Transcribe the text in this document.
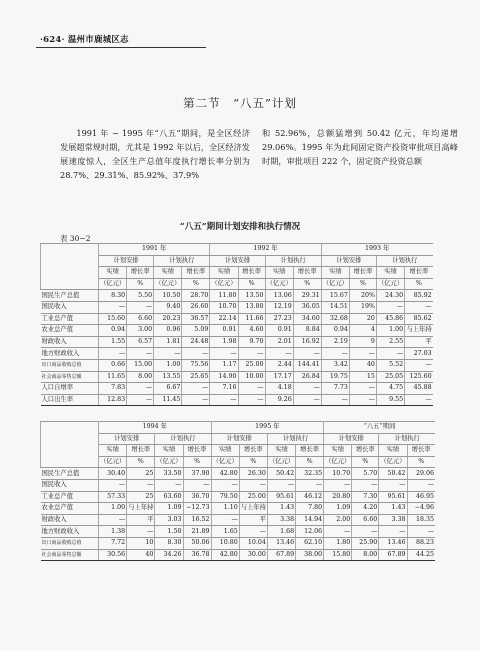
·624· 温州市鹿城区志
第二节　“八五”计划
1991 年 ~ 1995 年“八五”期间，是全区经济发展超常规时期，尤其是 1992 年以后，全区经济发展速度惊人，全区生产总值年度执行增长率分别为 28.7%、29.31%、85.92%、37.9%
和 52.96%，总额猛增到 50.42 亿元，年均递增 29.06%。1995 年为此间固定资产投资审批项目高峰时期，审批项目 222 个，固定资产投资总额
“八五”期间计划安排和执行情况
表 30−2
	1991 年				1992 年				1993 年			
	计划安排		计划执行		计划安排		计划执行		计划安排		计划执行	
	实绩	增长率	实绩	增长率	实绩	增长率	实绩	增长率	实绩	增长率	实绩	增长率
	（亿元）	%	（亿元）	%	（亿元）	%	（亿元）	%	（亿元）	%	（亿元）	%
国民生产总值	8.30	5.50	10.50	28.70	11.80	13.50	13.06	29.31	15.67	20%	24.30	85.92
国民收入	—	—	9.40	26.60	10.70	13.80	12.19	36.05	14.51	19%	—	—
工业总产值	15.60	6.60	20.23	36.57	22.14	11.66	27.23	34.60	32.68	20	45.86	85.62
农业总产值	0.94	3.00	0.96	5.09	0.91	4.60	0.91	8.84	0.94	4	1.00	与上年持
财政收入	1.55	6.57	1.81	24.48	1.98	9.70	2.01	16.92	2.19	9	2.55	平
地方财政收入	—	—	—	—	—	—	—	—	—	—	—	27.03
出口商品收购总值	0.66	15.00	1.00	75.56	1.17	25.00	2.44	144.41	3.42	40	5.52	—
社会商品零售总额	11.65	8.00	13.55	25.65	14.90	10.00	17.17	26.84	19.75	15	25.05	125.60
人口自增率	7.83	—	6.67	—	7.16	—	4.18	—	7.73	—	4.75	45.88
人口出生率	12.83	—	11.45	—	—	—	9.26	—	—	—	9.55	—
	1994 年				1995 年				“八五”期间			
	计划安排		计划执行		计划安排		计划执行		计划安排		计划执行	
	实绩	增长率	实绩	增长率	实绩	增长率	实绩	增长率	实绩	增长率	实绩	增长率
	（亿元）	%	（亿元）	%	（亿元）	%	（亿元）	%	（亿元）	%	（亿元）	%
国民生产总值	30.40	25	33.50	37.90	42.80	26.30	50.42	32.35	10.70	5.70	50.42	29.06
国民收入	—	—	—	—	—	—	—	—	—	—	—	—
工业总产值	57.33	25	63.60	36.70	79.50	25.00	95.61	46.12	20.80	7.30	95.61	46.95
农业总产值	1.00	与上年持	1.09	−12.73	1.10	与上年持	1.43	7.80	1.09	4.20	1.43	−4.96
财政收入	—	平	3.03	16.52	—	平	3.38	14.94	2.00	6.60	3.38	18.35
地方财政收入	1.38	—	1.50	21.89	1.65	—	1.68	12.06	—	—	—	—
出口商品收购总值	7.72	10	8.30	50.06	10.80	10.04	13.46	62.10	1.80	25.90	13.46	88.23
社会商品零售总额	30.56	40	34.26	36.78	42.80	30.00	67.89	38.00	15.80	8.00	67.89	44.25
